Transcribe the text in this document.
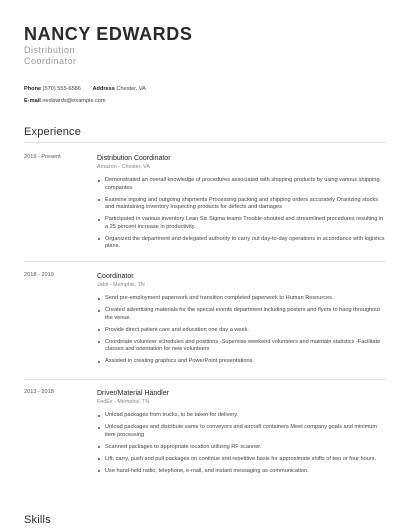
NANCY EDWARDS
Distribution
Coordinator
Phone (570) 555-6586 Address Chester, VA
E-mail nedwards@example.com
Experience
2019 - Present	Distribution Coordinator
Amazon - Chester, VA
Demonstrated an overall knowledge of procedures associated with shipping products by using various shipping companies.
Examine ingoing and outgoing shipments Processing packing and shipping orders accurately Oranizing stocks and maintaining inventory Inspecting products for defects and damages
Participated in various inventory Lean Six Sigma teams Trouble-shouted and streamlined procedures resulting in a 25 percent increase in productivity.
Organized the department and delegated authority to carry out day-to-day operations in accordance with logistics plans.
2018 - 2019	Coordinator
Jabil - Memphis, TN
Send pre-employment paperwork and transition completed paperwork to Human Resources.
Created advertising materials for the special events department including posters and flyers to hang throughout the venue.
Provide direct patient care and education one day a week.
Coordinate volunteer schedules and positions -Supervise weekend volunteers and maintain statistics -Facilitate classes and orientation for new volunteers
Assisted in creating graphics and PowerPoint presentations.
2013 - 2018	Driver/Material Handler
FedEx - Memphis, TN
Unload packages from trucks, to be taken for delivery.
Unload packages and distribute same to conveyors and aircraft containers Meet company goals and minimum item processing
Scanned packages to appropriate location utilizing RF scanner.
Lift, carry, push and pull packages on continue and repetitive basis for approximate shifts of two or four hours.
Use hand-held radio, telephone, e-mail, and instant messaging as communication.
Skills
